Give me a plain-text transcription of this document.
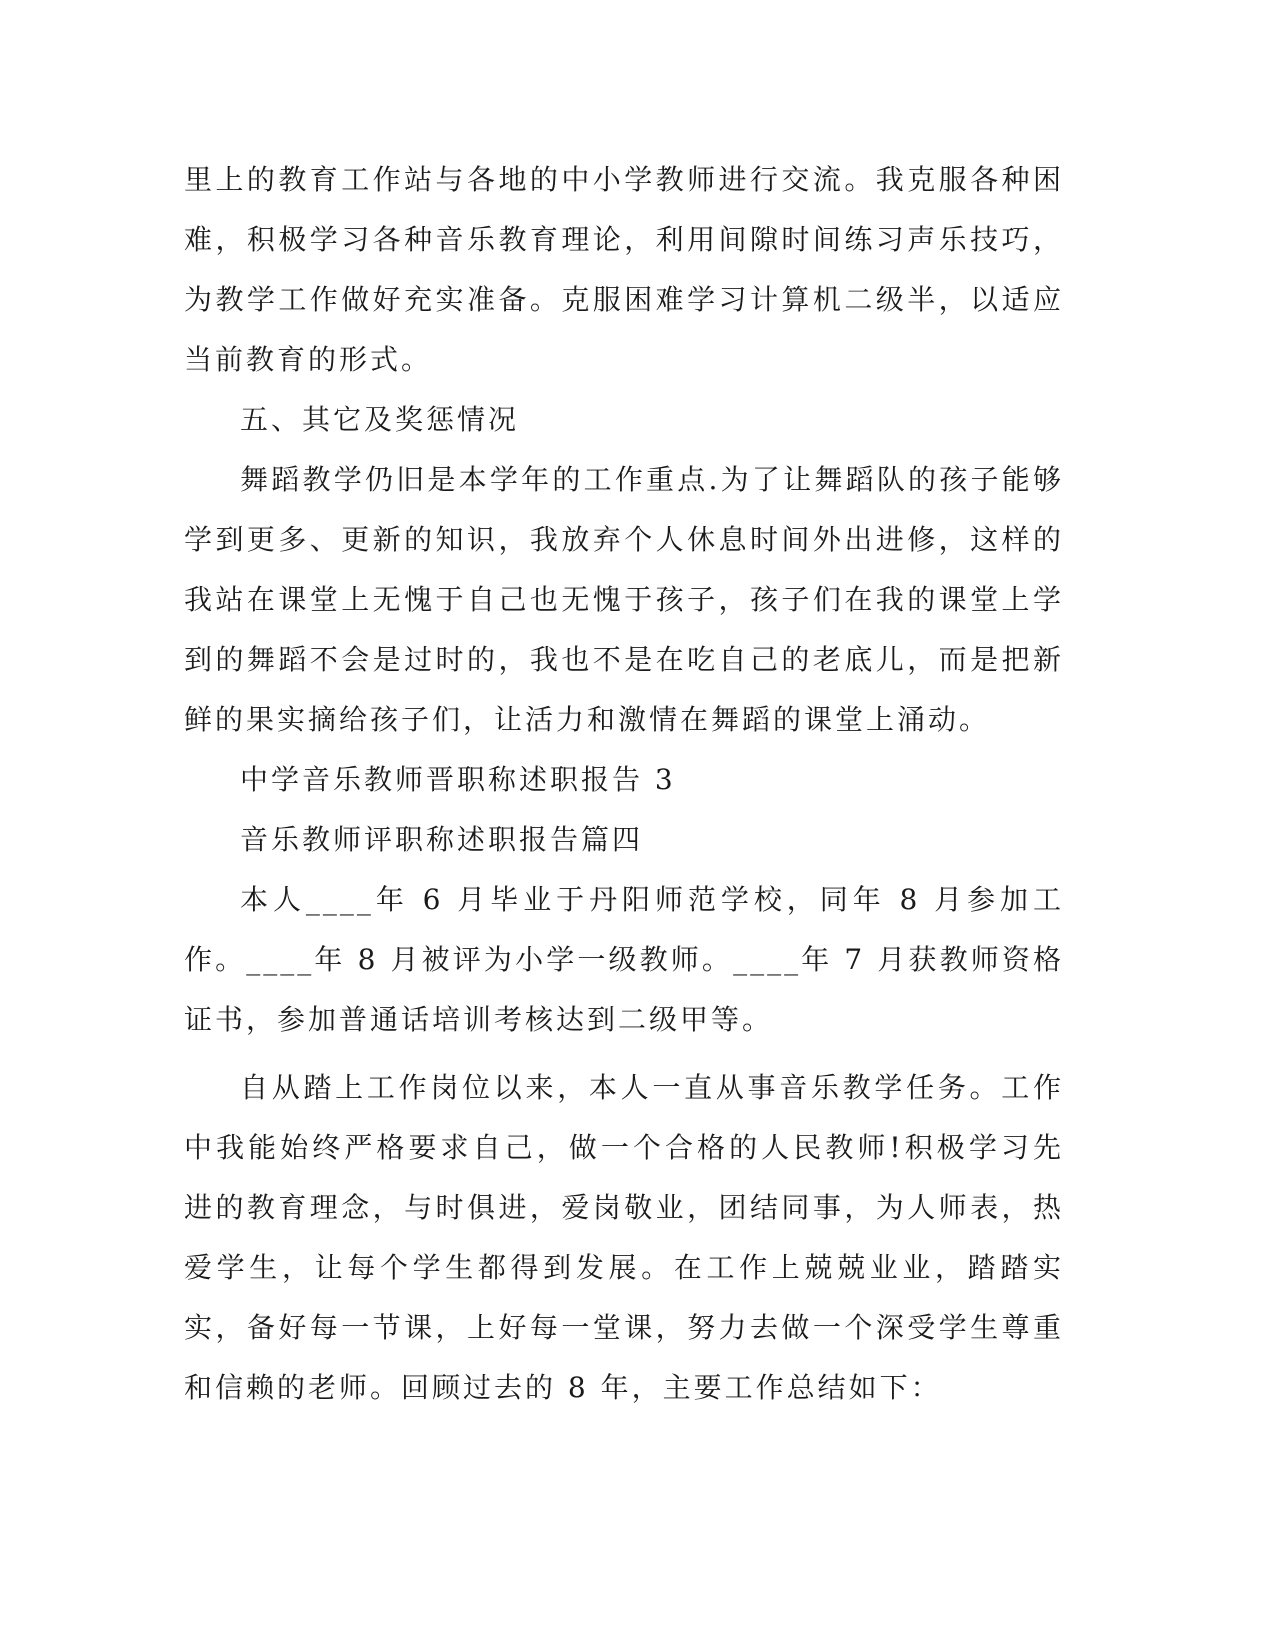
里上的教育工作站与各地的中小学教师进行交流。我克服各种困难，积极学习各种音乐教育理论，利用间隙时间练习声乐技巧，为教学工作做好充实准备。克服困难学习计算机二级半，以适应当前教育的形式。

五、其它及奖惩情况

舞蹈教学仍旧是本学年的工作重点.为了让舞蹈队的孩子能够学到更多、更新的知识，我放弃个人休息时间外出进修，这样的我站在课堂上无愧于自己也无愧于孩子，孩子们在我的课堂上学到的舞蹈不会是过时的，我也不是在吃自己的老底儿，而是把新鲜的果实摘给孩子们，让活力和激情在舞蹈的课堂上涌动。

中学音乐教师晋职称述职报告 3

音乐教师评职称述职报告篇四

本人____年 6 月毕业于丹阳师范学校，同年 8 月参加工作。____年 8 月被评为小学一级教师。____年 7 月获教师资格证书，参加普通话培训考核达到二级甲等。

自从踏上工作岗位以来，本人一直从事音乐教学任务。工作中我能始终严格要求自己，做一个合格的人民教师!积极学习先进的教育理念，与时俱进，爱岗敬业，团结同事，为人师表，热爱学生，让每个学生都得到发展。在工作上兢兢业业，踏踏实实，备好每一节课，上好每一堂课，努力去做一个深受学生尊重和信赖的老师。回顾过去的 8 年，主要工作总结如下：
